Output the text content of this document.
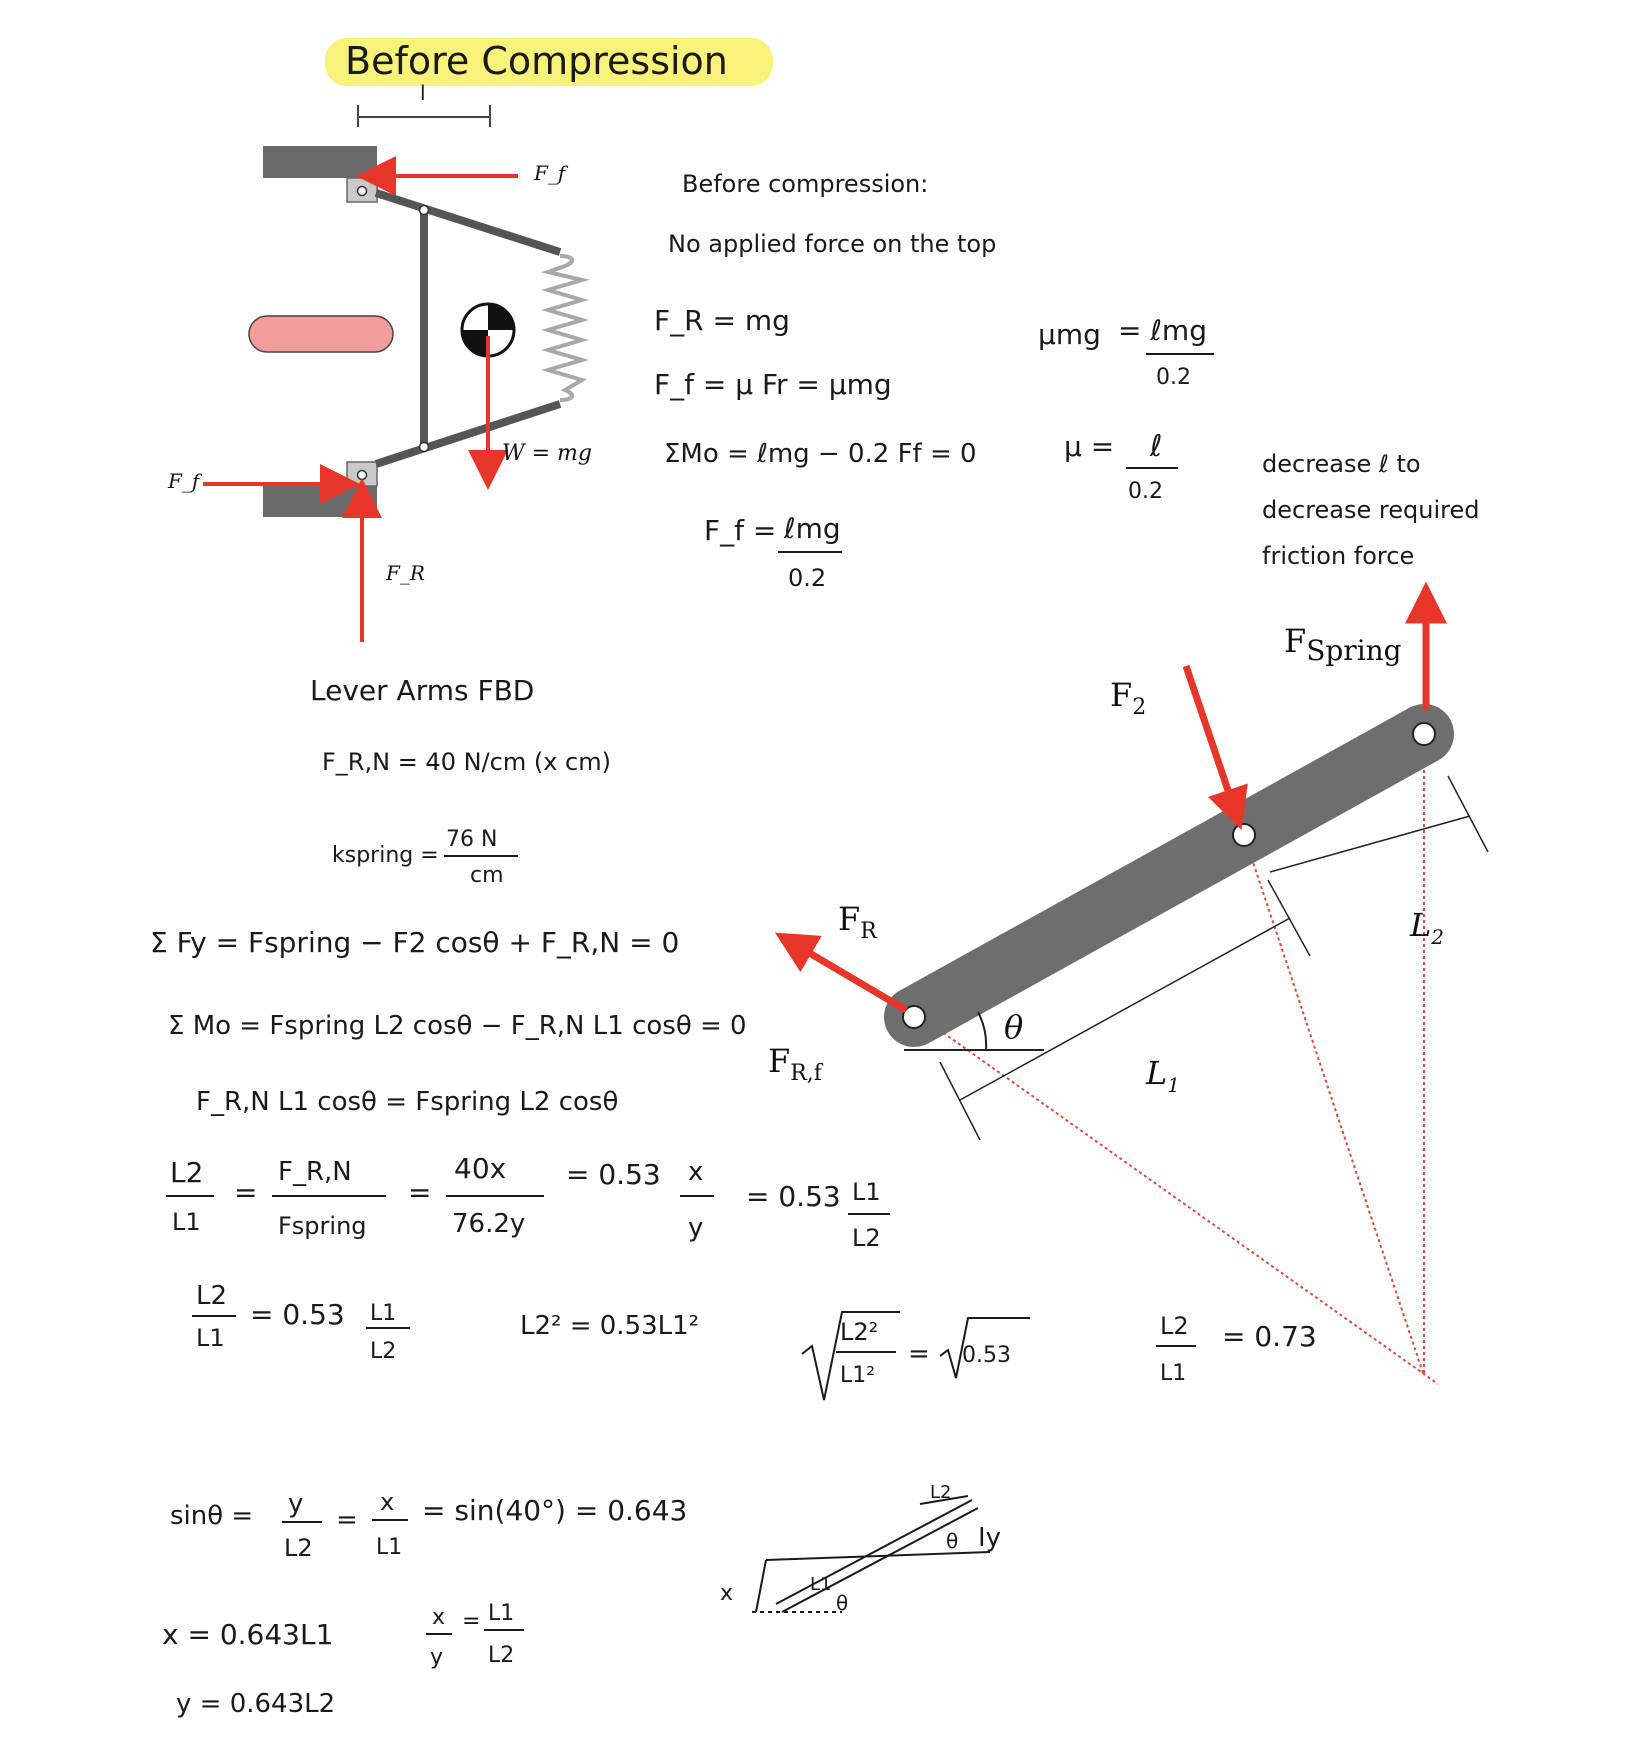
Before Compression
l
W = mg
F_f
F_f
F_R
Lever Arms FBD
Before compression:
No applied force on the top
F_R = mg
F_f = μ Fr = μmg
ΣMo = ℓmg − 0.2 Ff = 0
F_f = ℓmg
0.2
μmg = ℓmg
0.2
μ = ℓ
0.2
decrease ℓ to
decrease required
friction force
θ
$L_1$
$L_2$
FSpring
$F_2$
$F_R$
$F_{R,f}$
F_R,N = 40 N/cm (x cm)
kspring =
76 N
cm
Σ Fy = Fspring − F2 cosθ + F_R,N = 0
Σ Mo = Fspring L2 cosθ − F_R,N L1 cosθ = 0
F_R,N L1 cosθ = Fspring L2 cosθ
L2
L1
=
F_R,N
Fspring
=
40x
76.2y
= 0.53 x
y
= 0.53 L1
L2
L2
L1
= 0.53 L1
L2
L2² = 0.53L1²	L2²
L1²
= 0.53
L2
L1
= 0.73
sinθ = y
L2
=
x
L1
= sin(40°) = 0.643
x = 0.643L1
y = 0.643L2
x
y
= L1
L2
L2
L1
x
Iy
θ
θ
